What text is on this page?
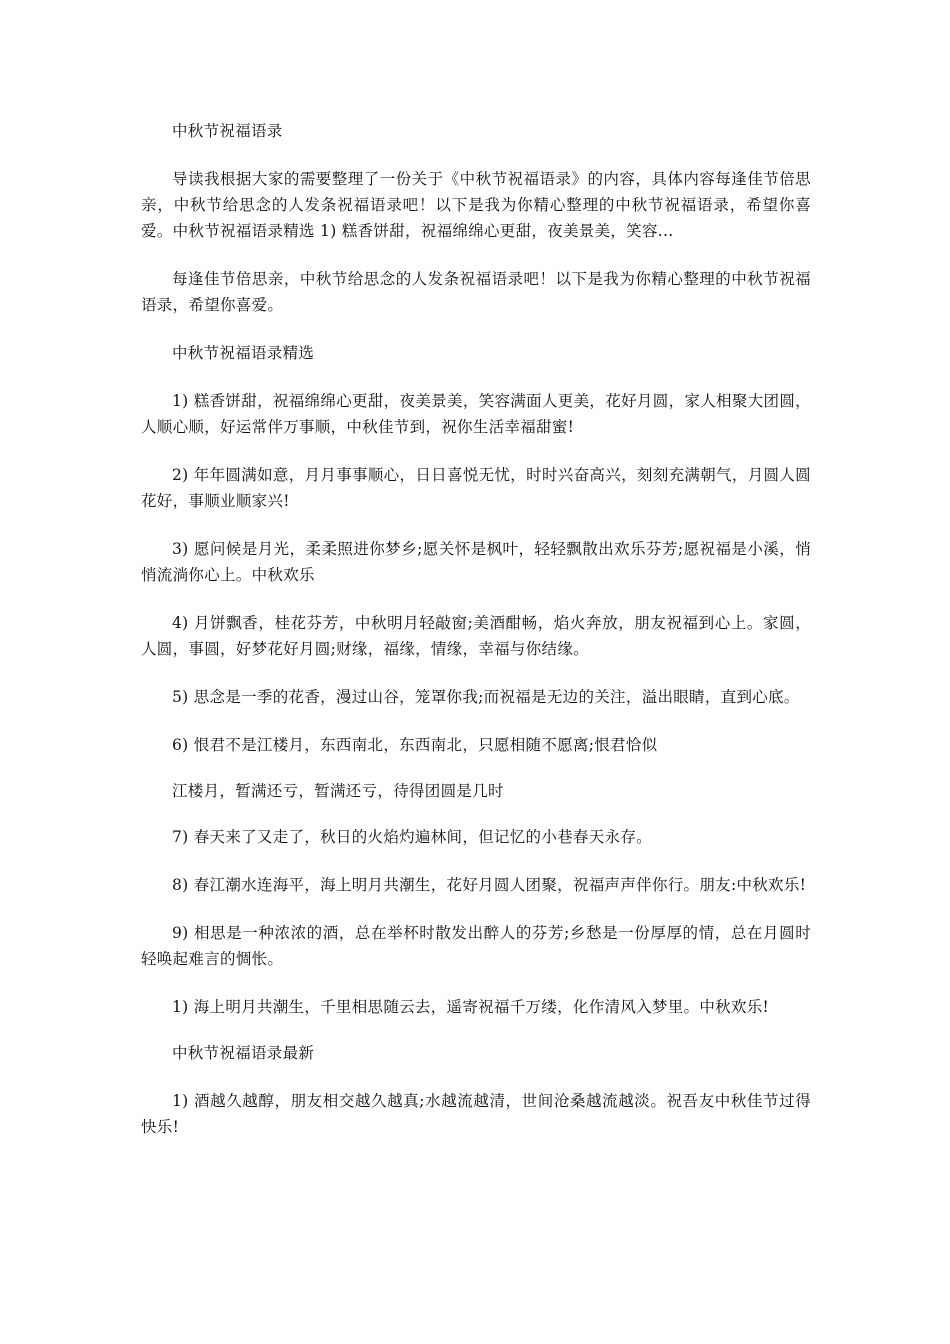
中秋节祝福语录

导读我根据大家的需要整理了一份关于《中秋节祝福语录》的内容，具体内容每逢佳节倍思亲，中秋节给思念的人发条祝福语录吧！以下是我为你精心整理的中秋节祝福语录，希望你喜爱。中秋节祝福语录精选 1) 糕香饼甜，祝福绵绵心更甜，夜美景美，笑容...

每逢佳节倍思亲，中秋节给思念的人发条祝福语录吧！以下是我为你精心整理的中秋节祝福语录，希望你喜爱。

中秋节祝福语录精选

1) 糕香饼甜，祝福绵绵心更甜，夜美景美，笑容满面人更美，花好月圆，家人相聚大团圆，人顺心顺，好运常伴万事顺，中秋佳节到，祝你生活幸福甜蜜!

2) 年年圆满如意，月月事事顺心，日日喜悦无忧，时时兴奋高兴，刻刻充满朝气，月圆人圆花好，事顺业顺家兴!

3) 愿问候是月光，柔柔照进你梦乡;愿关怀是枫叶，轻轻飘散出欢乐芬芳;愿祝福是小溪，悄悄流淌你心上。中秋欢乐

4) 月饼飘香，桂花芬芳，中秋明月轻敲窗;美酒酣畅，焰火奔放，朋友祝福到心上。家圆，人圆，事圆，好梦花好月圆;财缘，福缘，情缘，幸福与你结缘。

5) 思念是一季的花香，漫过山谷，笼罩你我;而祝福是无边的关注，溢出眼睛，直到心底。

6) 恨君不是江楼月，东西南北，东西南北，只愿相随不愿离;恨君恰似

江楼月，暂满还亏，暂满还亏，待得团圆是几时

7) 春天来了又走了，秋日的火焰灼遍林间，但记忆的小巷春天永存。

8) 春江潮水连海平，海上明月共潮生，花好月圆人团聚，祝福声声伴你行。朋友:中秋欢乐!

9) 相思是一种浓浓的酒，总在举杯时散发出醉人的芬芳;乡愁是一份厚厚的情，总在月圆时轻唤起难言的惆怅。

1) 海上明月共潮生，千里相思随云去，遥寄祝福千万缕，化作清风入梦里。中秋欢乐!

中秋节祝福语录最新

1) 酒越久越醇，朋友相交越久越真;水越流越清，世间沧桑越流越淡。祝吾友中秋佳节过得快乐!
